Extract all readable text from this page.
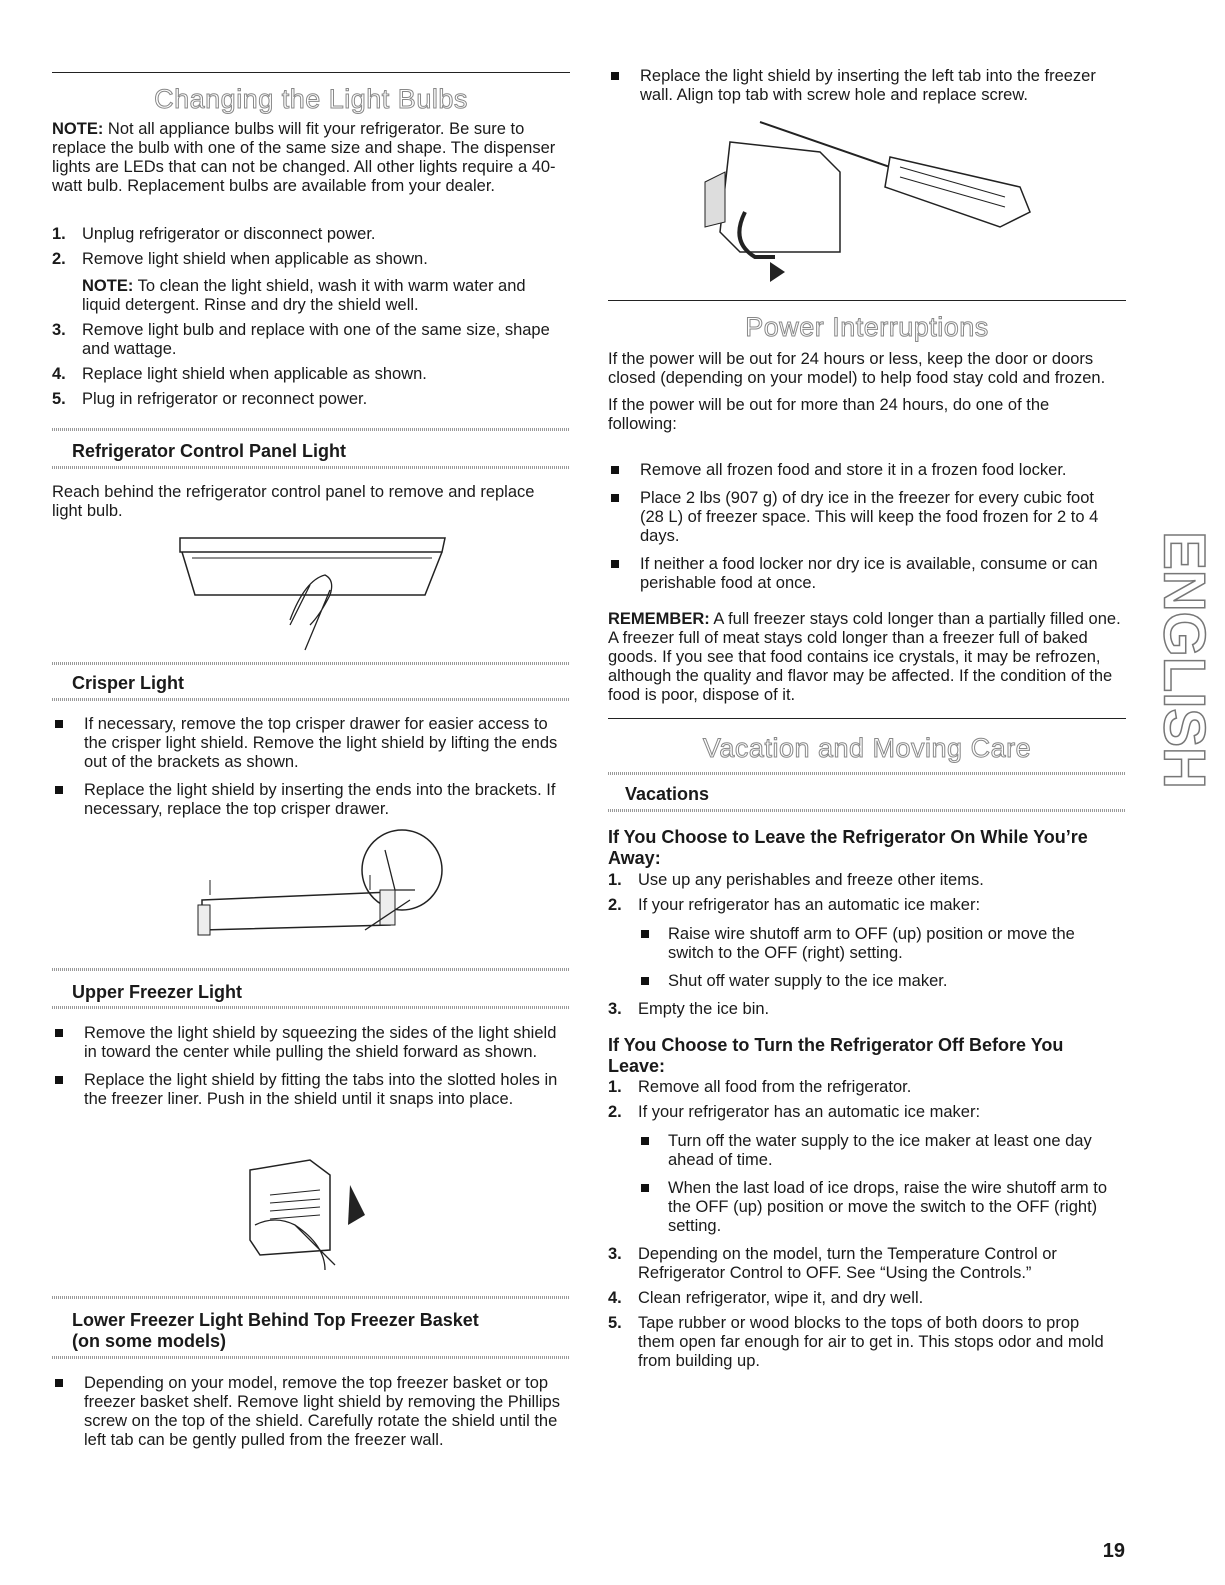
Changing the Light Bulbs

NOTE: Not all appliance bulbs will fit your refrigerator. Be sure to replace the bulb with one of the same size and shape. The dispenser lights are LEDs that can not be changed. All other lights require a 40-watt bulb. Replacement bulbs are available from your dealer.

1. Unplug refrigerator or disconnect power.
2. Remove light shield when applicable as shown.

NOTE: To clean the light shield, wash it with warm water and liquid detergent. Rinse and dry the shield well.

3. Remove light bulb and replace with one of the same size, shape and wattage.
4. Replace light shield when applicable as shown.
5. Plug in refrigerator or reconnect power.
Refrigerator Control Panel Light

Reach behind the refrigerator control panel to remove and replace light bulb.

Crisper Light
If necessary, remove the top crisper drawer for easier access to the crisper light shield. Remove the light shield by lifting the ends out of the brackets as shown.
Replace the light shield by inserting the ends into the brackets. If necessary, replace the top crisper drawer.
Upper Freezer Light
Remove the light shield by squeezing the sides of the light shield in toward the center while pulling the shield forward as shown.
Replace the light shield by fitting the tabs into the slotted holes in the freezer liner. Push in the shield until it snaps into place.
Lower Freezer Light Behind Top Freezer Basket
(on some models)
Depending on your model, remove the top freezer basket or top freezer basket shelf. Remove light shield by removing the Phillips screw on the top of the shield. Carefully rotate the shield until the left tab can be gently pulled from the freezer wall.
Replace the light shield by inserting the left tab into the freezer wall. Align top tab with screw hole and replace screw.
Power Interruptions

If the power will be out for 24 hours or less, keep the door or doors closed (depending on your model) to help food stay cold and frozen.

If the power will be out for more than 24 hours, do one of the following:

Remove all frozen food and store it in a frozen food locker.
Place 2 lbs (907 g) of dry ice in the freezer for every cubic foot (28 L) of freezer space. This will keep the food frozen for 2 to 4 days.
If neither a food locker nor dry ice is available, consume or can perishable food at once.

REMEMBER: A full freezer stays cold longer than a partially filled one. A freezer full of meat stays cold longer than a freezer full of baked goods. If you see that food contains ice crystals, it may be refrozen, although the quality and flavor may be affected. If the condition of the food is poor, dispose of it.

Vacation and Moving Care
Vacations
If You Choose to Leave the Refrigerator On While You’re Away:
1. Use up any perishables and freeze other items.
2. If your refrigerator has an automatic ice maker:
Raise wire shutoff arm to OFF (up) position or move the switch to the OFF (right) setting.
Shut off water supply to the ice maker.
3. Empty the ice bin.
If You Choose to Turn the Refrigerator Off Before You Leave:
1. Remove all food from the refrigerator.
2. If your refrigerator has an automatic ice maker:
Turn off the water supply to the ice maker at least one day ahead of time.
When the last load of ice drops, raise the wire shutoff arm to the OFF (up) position or move the switch to the OFF (right) setting.
3. Depending on the model, turn the Temperature Control or Refrigerator Control to OFF. See “Using the Controls.”
4. Clean refrigerator, wipe it, and dry well.
5. Tape rubber or wood blocks to the tops of both doors to prop them open far enough for air to get in. This stops odor and mold from building up.
ENGLISH
19
